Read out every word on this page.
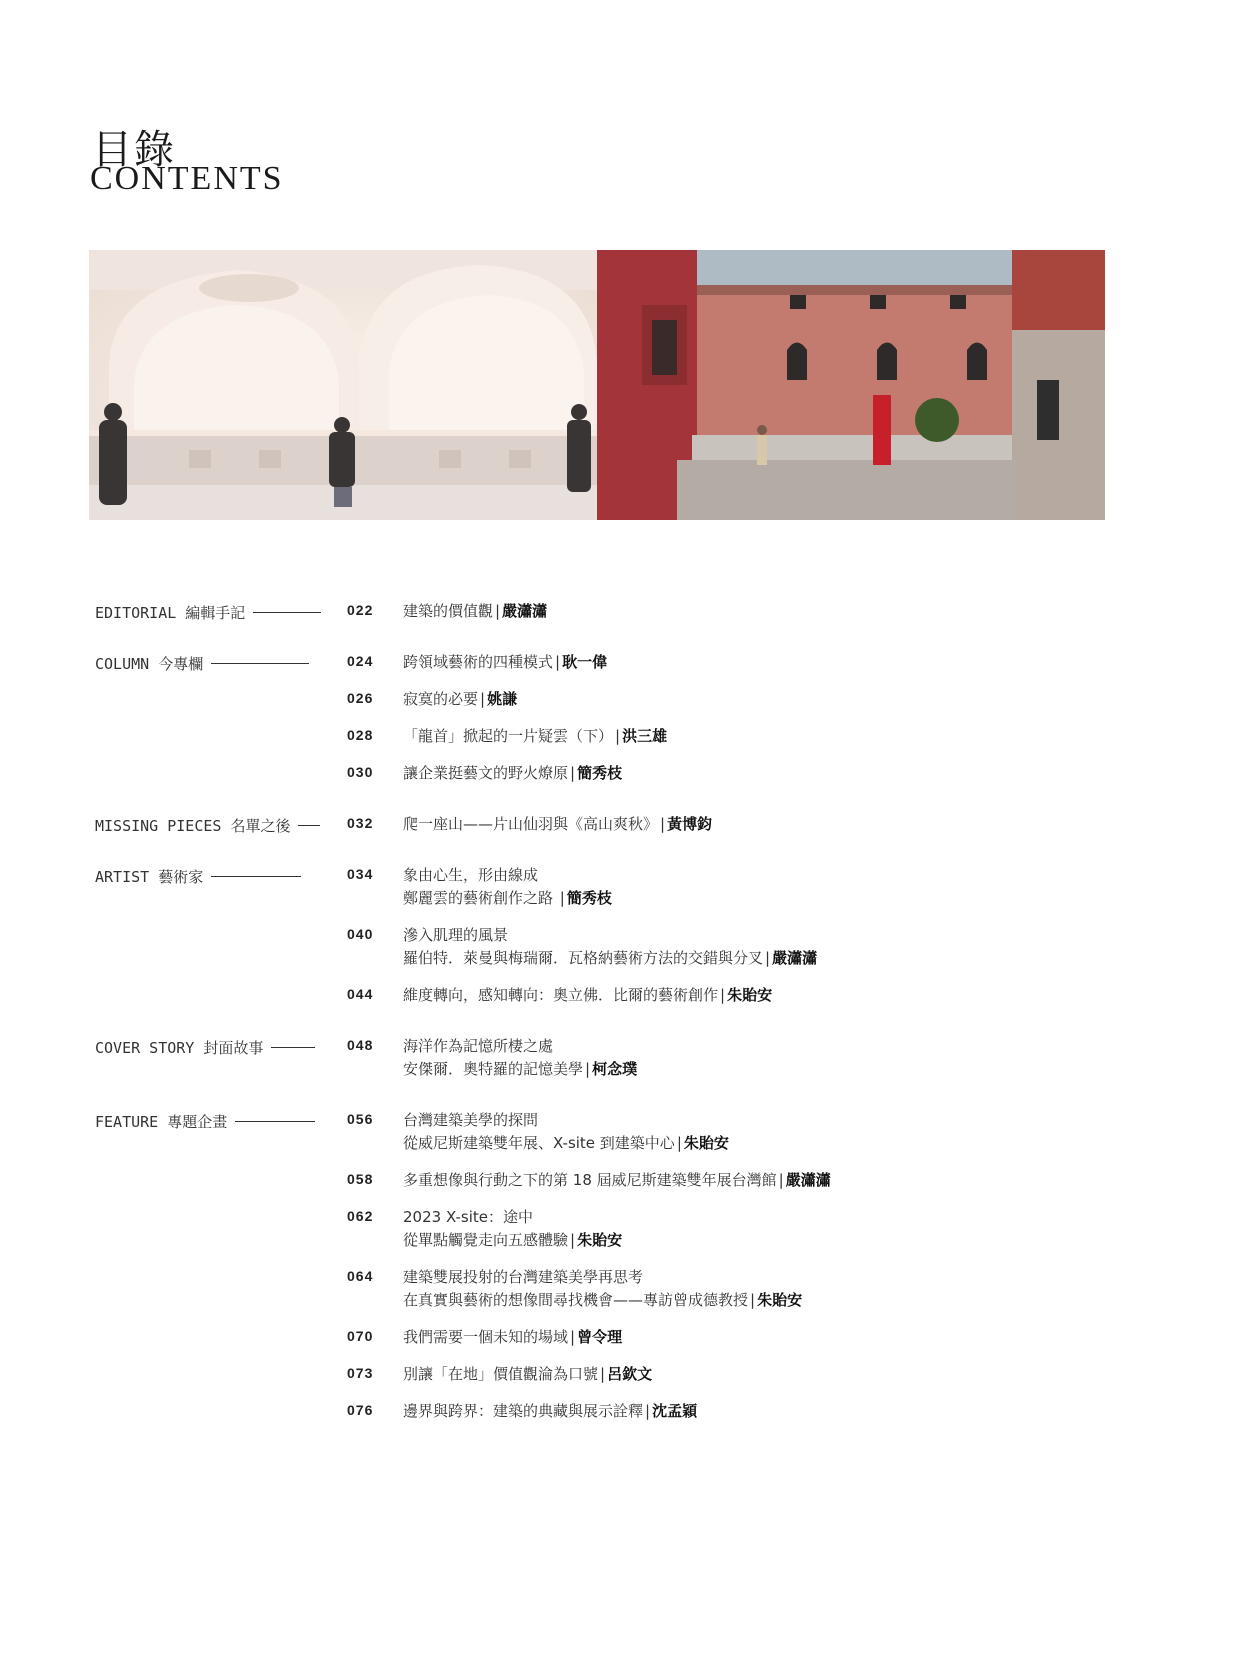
目錄
CONTENTS
EDITORIAL 編輯手記	022 建築的價值觀 | 嚴瀟瀟
COLUMN 今專欄	024 跨領域藝術的四種模式 | 耿一偉
026 寂寞的必要 | 姚謙
028 「龍首」掀起的一片疑雲（下） | 洪三雄
030 讓企業挺藝文的野火燎原 | 簡秀枝
MISSING PIECES 名單之後	032 爬一座山——片山仙羽與《高山爽秋》 | 黃博鈞
ARTIST 藝術家	034 象由心生，形由線成
鄭麗雲的藝術創作之路 | 簡秀枝
040 滲入肌理的風景
羅伯特．萊曼與梅瑞爾．瓦格納藝術方法的交錯與分叉 | 嚴瀟瀟
044 維度轉向，感知轉向：奧立佛．比爾的藝術創作 | 朱貽安
COVER STORY 封面故事	048 海洋作為記憶所棲之處
安傑爾．奧特羅的記憶美學 | 柯念璞
FEATURE 專題企畫	056 台灣建築美學的探問
從威尼斯建築雙年展、X-site 到建築中心 | 朱貽安
058 多重想像與行動之下的第 18 屆威尼斯建築雙年展台灣館 | 嚴瀟瀟
062 2023 X-site：途中
從單點觸覺走向五感體驗 | 朱貽安
064 建築雙展投射的台灣建築美學再思考
在真實與藝術的想像間尋找機會——專訪曾成德教授 | 朱貽安
070 我們需要一個未知的場域 | 曾令理
073 別讓「在地」價值觀淪為口號 | 呂欽文
076 邊界與跨界：建築的典藏與展示詮釋 | 沈孟穎
